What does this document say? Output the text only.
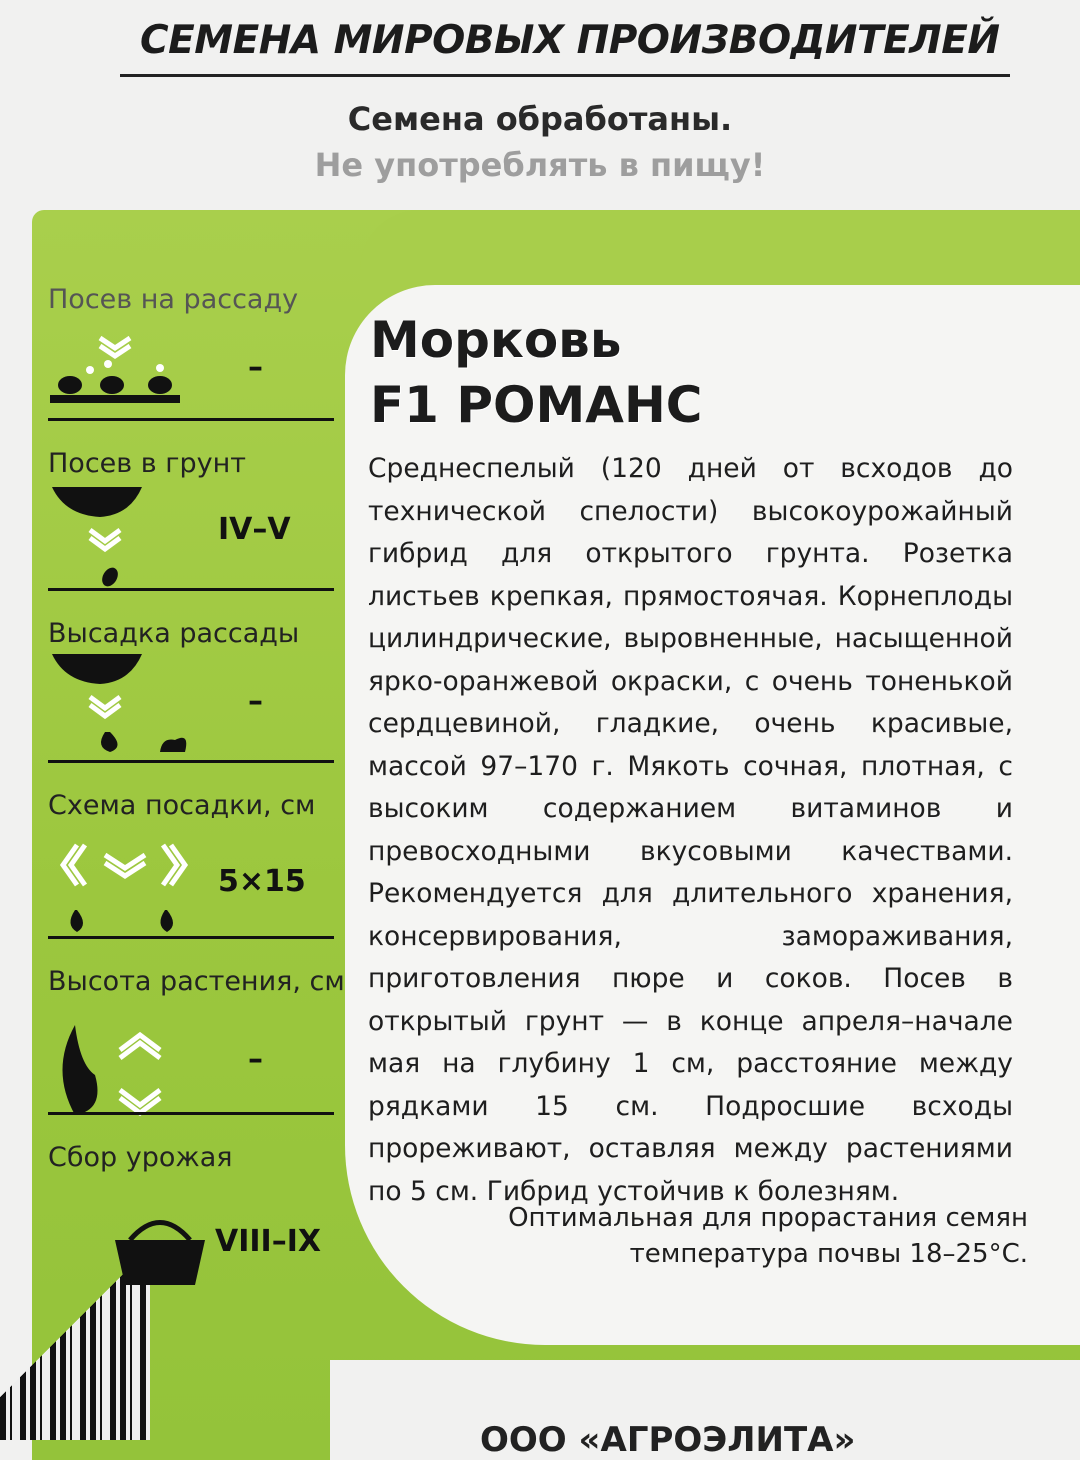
СЕМЕНА МИРОВЫХ ПРОИЗВОДИТЕЛЕЙ
Семена обработаны.
Не употреблять в пищу!
Посев на рассаду
–
Посев в грунт
IV–V
Высадка рассады
–
Схема посадки, см
5×15
Высота растения, см
–
Сбор урожая
VIII–IX
Морковь
F1 РОМАНС
Среднеспелый (120 дней от всходов до технической спелости) высокоурожайный гибрид для открытого грунта. Розетка листьев крепкая, прямостоячая. Корнеплоды цилиндрические, выровненные, насыщенной ярко-оранжевой окраски, с очень тоненькой сердцевиной, гладкие, очень красивые, массой 97–170 г. Мякоть сочная, плотная, с высоким содержанием витаминов и превосходными вкусовыми качествами. Рекомендуется для длительного хранения, консервирования, замораживания, приготовления пюре и соков. Посев в открытый грунт — в конце апреля–начале мая на глубину 1 см, расстояние между рядками 15 см. Подросшие всходы прореживают, оставляя между растениями по 5 см. Гибрид устойчив к болезням.
Оптимальная для прорастания семян
температура почвы 18–25°С.
ООО «АГРОЭЛИТА»
